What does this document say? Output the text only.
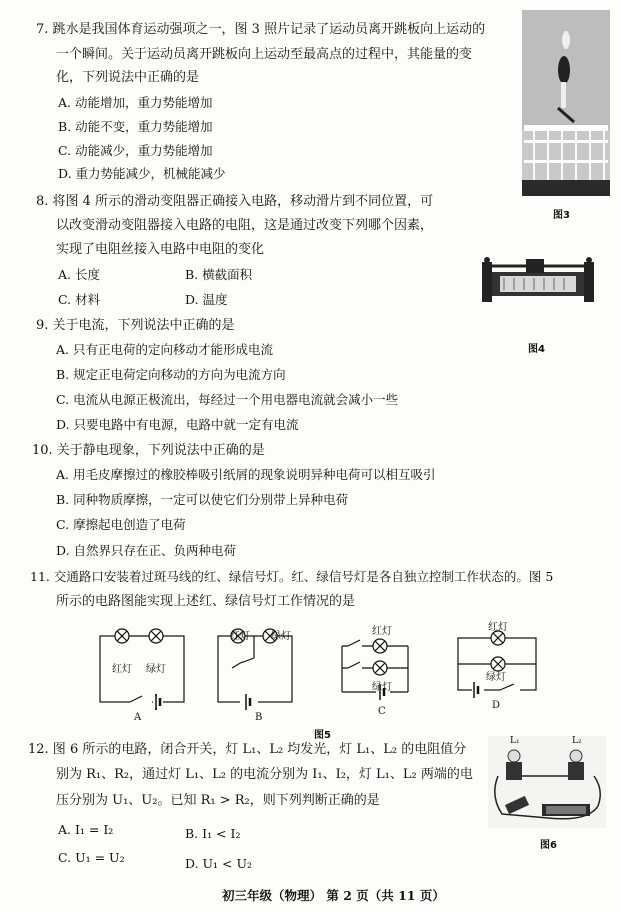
7. 跳水是我国体育运动强项之一，图 3 照片记录了运动员离开跳板向上运动的
一个瞬间。关于运动员离开跳板向上运动至最高点的过程中，其能量的变
化，下列说法中正确的是
A. 动能增加，重力势能增加
B. 动能不变，重力势能增加
C. 动能减少，重力势能增加
D. 重力势能减少，机械能减少
图3
8. 将图 4 所示的滑动变阻器正确接入电路，移动滑片到不同位置，可
以改变滑动变阻器接入电路的电阻，这是通过改变下列哪个因素，
实现了电阻丝接入电路中电阻的变化
A. 长度	B. 横截面积
C. 材料	D. 温度
图4
9. 关于电流，下列说法中正确的是
A. 只有正电荷的定向移动才能形成电流
B. 规定正电荷定向移动的方向为电流方向
C. 电流从电源正极流出，每经过一个用电器电流就会减小一些
D. 只要电路中有电源，电路中就一定有电流
10. 关于静电现象，下列说法中正确的是
A. 用毛皮摩擦过的橡胶棒吸引纸屑的现象说明异种电荷可以相互吸引
B. 同种物质摩擦，一定可以使它们分别带上异种电荷
C. 摩擦起电创造了电荷
D. 自然界只存在正、负两种电荷
11. 交通路口安装着过斑马线的红、绿信号灯。红、绿信号灯是各自独立控制工作状态的。图 5
所示的电路图能实现上述红、绿信号灯工作情况的是
红灯 绿灯
红灯 绿灯	红灯
绿灯
红灯
绿灯
A	B
C
D
图5
12. 图 6 所示的电路，闭合开关，灯 L₁、L₂ 均发光，灯 L₁、L₂ 的电阻值分
别为 R₁、R₂，通过灯 L₁、L₂ 的电流分别为 I₁、I₂，灯 L₁、L₂ 两端的电
压分别为 U₁、U₂。已知 R₁ > R₂，则下列判断正确的是
A. I₁ = I₂	B. I₁ < I₂
C. U₁ = U₂	D. U₁ < U₂
L₁	L₂
图6
初三年级（物理） 第 2 页（共 11 页）
